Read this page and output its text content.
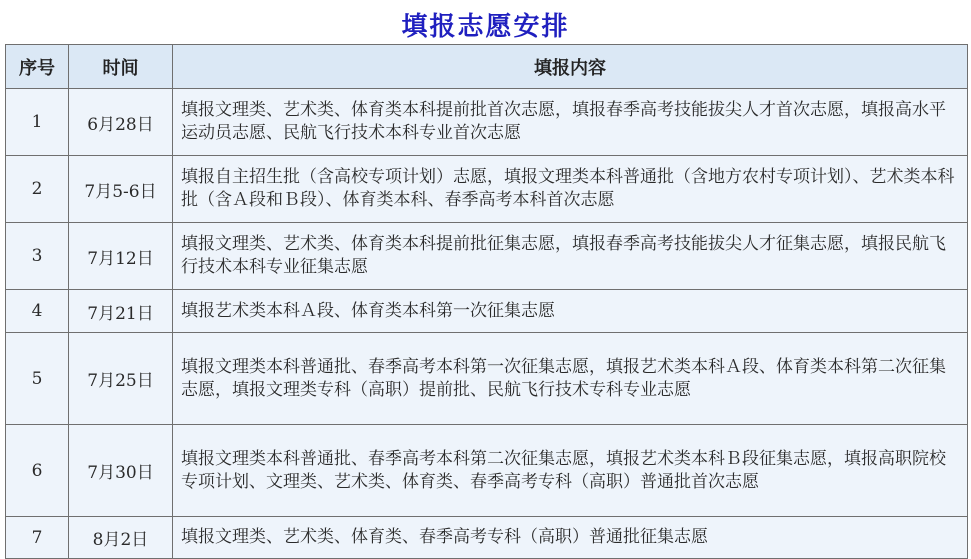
填报志愿安排
序号	时间	填报内容
1	6月28日	填报文理类、艺术类、体育类本科提前批首次志愿，填报春季高考技能拔尖人才首次志愿，填报高水平运动员志愿、民航飞行技术本科专业首次志愿
2	7月5-6日	填报自主招生批（含高校专项计划）志愿，填报文理类本科普通批（含地方农村专项计划）、艺术类本科批（含Ａ段和Ｂ段）、体育类本科、春季高考本科首次志愿
3	7月12日	填报文理类、艺术类、体育类本科提前批征集志愿，填报春季高考技能拔尖人才征集志愿，填报民航飞行技术本科专业征集志愿
4	7月21日	填报艺术类本科Ａ段、体育类本科第一次征集志愿
5	7月25日	填报文理类本科普通批、春季高考本科第一次征集志愿，填报艺术类本科Ａ段、体育类本科第二次征集志愿，填报文理类专科（高职）提前批、民航飞行技术专科专业志愿
6	7月30日	填报文理类本科普通批、春季高考本科第二次征集志愿，填报艺术类本科Ｂ段征集志愿，填报高职院校专项计划、文理类、艺术类、体育类、春季高考专科（高职）普通批首次志愿
7	8月2日	填报文理类、艺术类、体育类、春季高考专科（高职）普通批征集志愿
